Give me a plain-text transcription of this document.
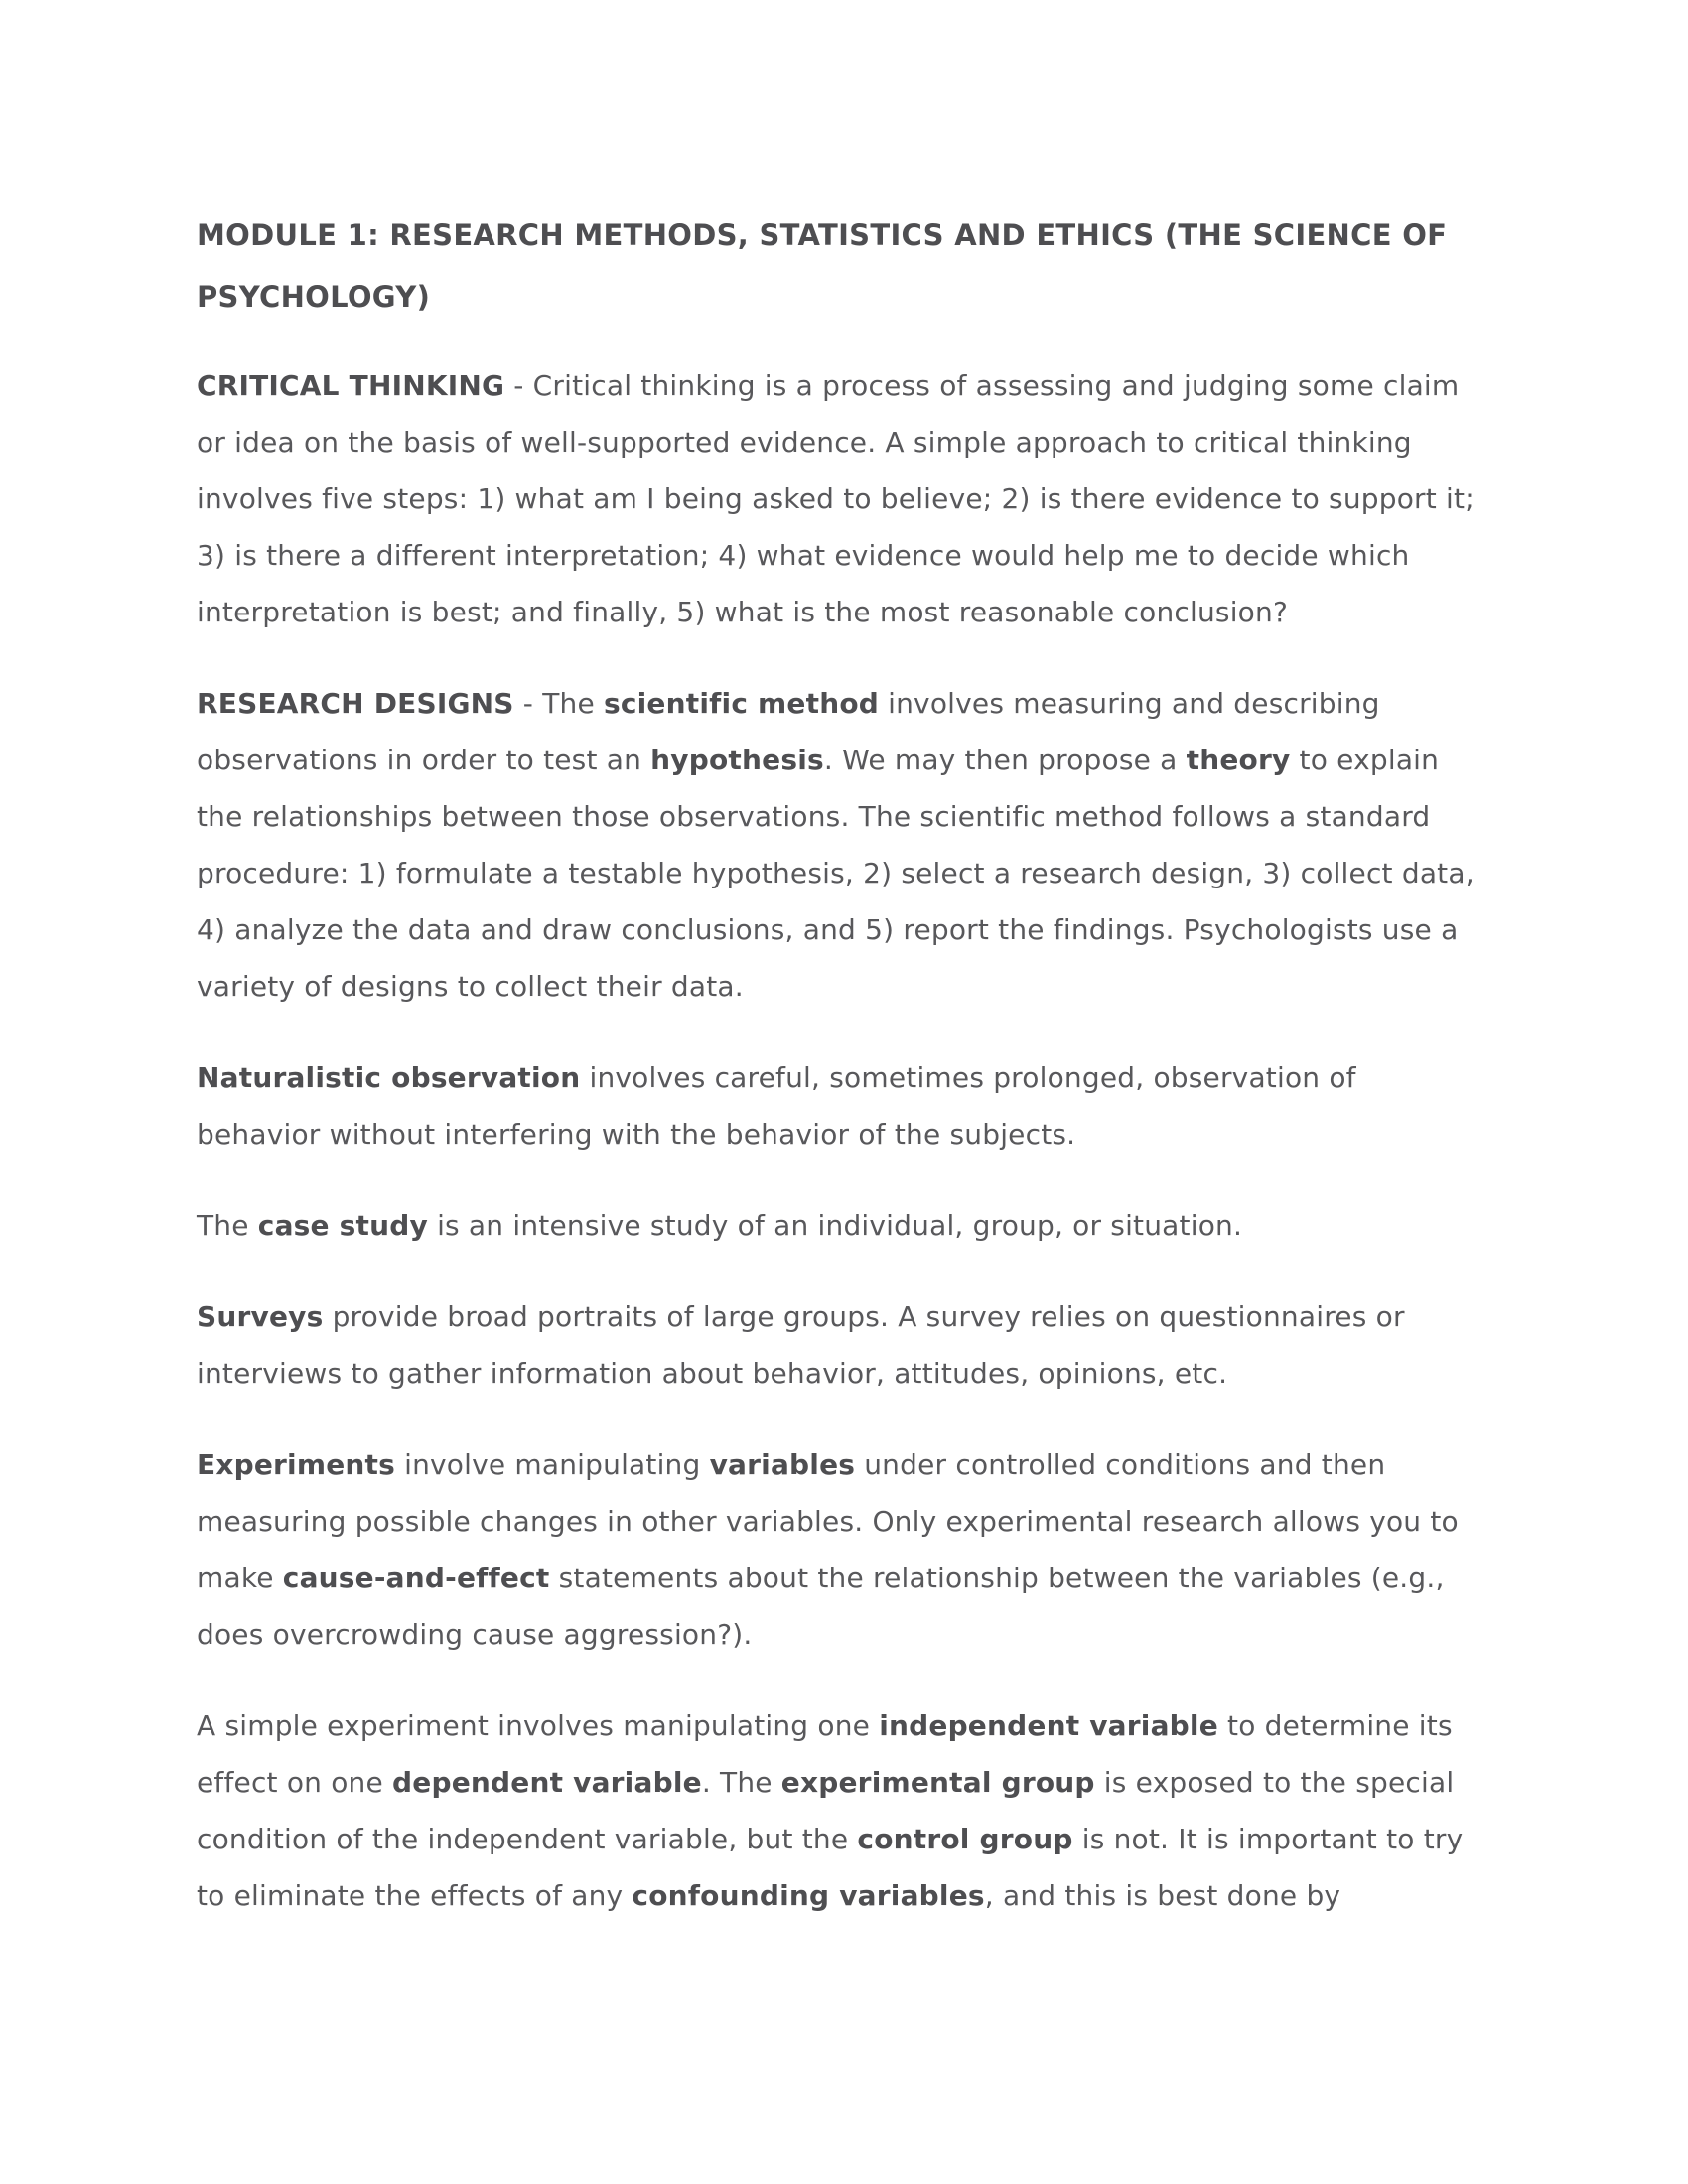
MODULE 1: RESEARCH METHODS, STATISTICS AND ETHICS (THE SCIENCE OF PSYCHOLOGY)

CRITICAL THINKING - Critical thinking is a process of assessing and judging some claim or idea on the basis of well-supported evidence. A simple approach to critical thinking involves five steps: 1) what am I being asked to believe; 2) is there evidence to support it; 3) is there a different interpretation; 4) what evidence would help me to decide which interpretation is best; and finally, 5) what is the most reasonable conclusion?

RESEARCH DESIGNS - The scientific method involves measuring and describing observations in order to test an hypothesis. We may then propose a theory to explain the relationships between those observations. The scientific method follows a standard procedure: 1) formulate a testable hypothesis, 2) select a research design, 3) collect data, 4) analyze the data and draw conclusions, and 5) report the findings. Psychologists use a variety of designs to collect their data.

Naturalistic observation involves careful, sometimes prolonged, observation of behavior without interfering with the behavior of the subjects.

The case study is an intensive study of an individual, group, or situation.

Surveys provide broad portraits of large groups. A survey relies on questionnaires or interviews to gather information about behavior, attitudes, opinions, etc.

Experiments involve manipulating variables under controlled conditions and then measuring possible changes in other variables. Only experimental research allows you to make cause-and-effect statements about the relationship between the variables (e.g., does overcrowding cause aggression?).

A simple experiment involves manipulating one independent variable to determine its effect on one dependent variable. The experimental group is exposed to the special condition of the independent variable, but the control group is not. It is important to try to eliminate the effects of any confounding variables, and this is best done by
